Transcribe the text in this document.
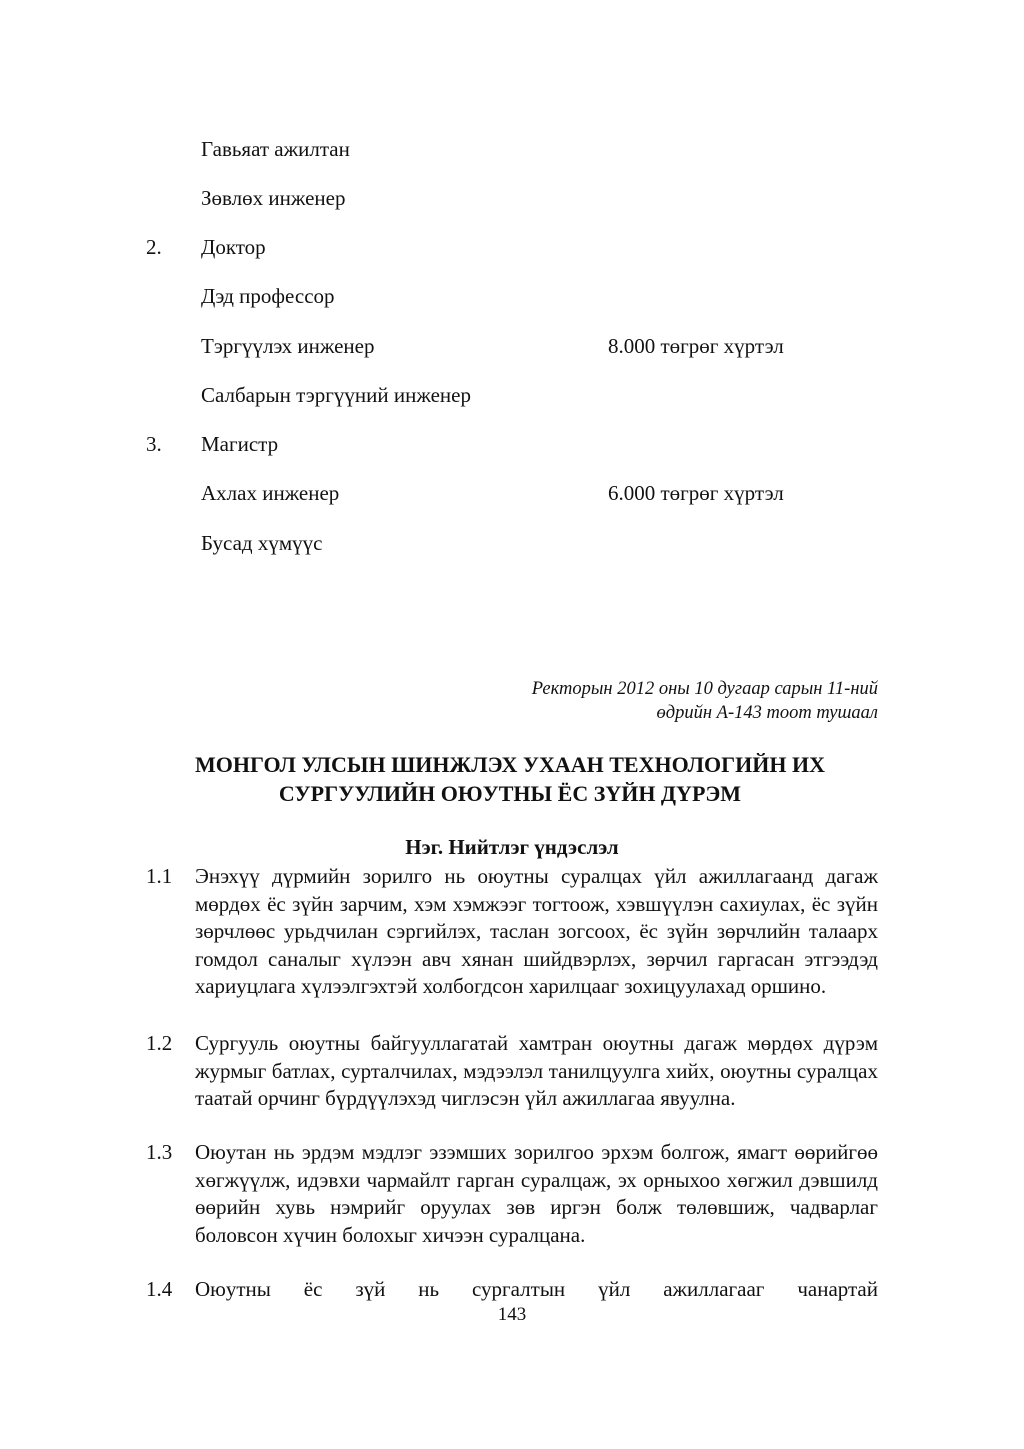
Гавьяат ажилтан
Зөвлөх инженер
2. Доктор
Дэд профессор
Тэргүүлэх инженер	8.000 төгрөг хүртэл
Салбарын тэргүүний инженер
3. Магистр
Ахлах инженер	6.000 төгрөг хүртэл
Бусад хүмүүс
Ректорын 2012 оны 10 дугаар сарын 11-ний
өдрийн А-143 тоот тушаал
МОНГОЛ УЛСЫН ШИНЖЛЭХ УХААН ТЕХНОЛОГИЙН ИХ
СУРГУУЛИЙН ОЮУТНЫ ЁС ЗҮЙН ДҮРЭМ
Нэг. Нийтлэг үндэслэл
1.1 Энэхүү дүрмийн зорилго нь оюутны суралцах үйл ажиллагаанд дагаж мөрдөх ёс зүйн зарчим, хэм хэмжээг тогтоож, хэвшүүлэн сахиулах, ёс зүйн зөрчлөөс урьдчилан сэргийлэх, таслан зогсоох, ёс зүйн зөрчлийн талаарх гомдол саналыг хүлээн авч хянан шийдвэрлэх, зөрчил гаргасан этгээдэд хариуцлага хүлээлгэхтэй холбогдсон харилцааг зохицуулахад оршино.
1.2 Сургууль оюутны байгууллагатай хамтран оюутны дагаж мөрдөх дүрэм журмыг батлах, сурталчилах, мэдээлэл танилцуулга хийх, оюутны суралцах таатай орчинг бүрдүүлэхэд чиглэсэн үйл ажиллагаа явуулна.
1.3 Оюутан нь эрдэм мэдлэг эзэмших зорилгоо эрхэм болгож, ямагт өөрийгөө хөгжүүлж, идэвхи чармайлт гарган суралцаж, эх орныхоо хөгжил дэвшилд өөрийн хувь нэмрийг оруулах зөв иргэн болж төлөвшиж, чадварлаг боловсон хүчин болохыг хичээн суралцана.
1.4 Оюутны ёс зүй нь сургалтын үйл ажиллагааг чанартай
143
